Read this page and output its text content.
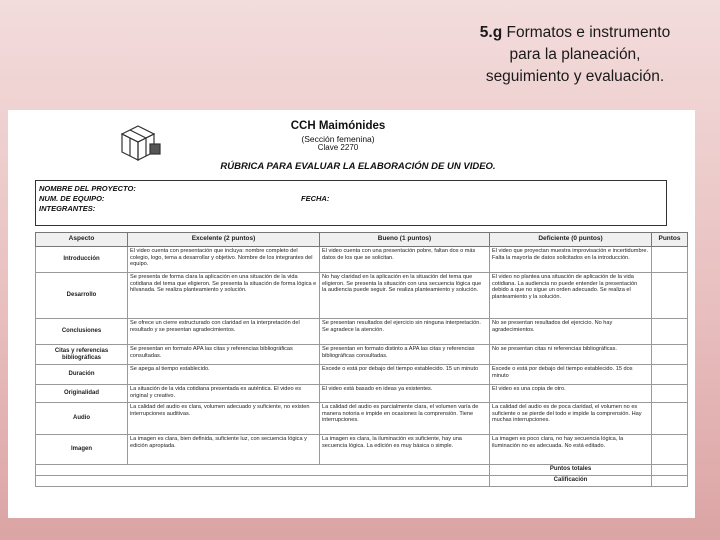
5.g Formatos e instrumento
para la planeación,
seguimiento y evaluación.
CCH Maimónides
(Sección femenina)
Clave 2270
RÚBRICA PARA EVALUAR LA ELABORACIÓN DE UN VIDEO.
NOMBRE DEL PROYECTO:
NUM. DE EQUIPO:	FECHA:
INTEGRANTES:
Aspecto	Excelente (2 puntos)	Bueno (1 puntos)	Deficiente (0 puntos)	Puntos
Introducción	El video cuenta con presentación que incluya: nombre completo del colegio, logo, tema a desarrollar y objetivo. Nombre de los integrantes del equipo.	El video cuenta con una presentación pobre, faltan dos o más datos de los que se solicitan.	El video que proyectan muestra improvisación e incertidumbre. Falta la mayoría de datos solicitados en la introducción.	
Desarrollo	Se presenta de forma clara la aplicación en una situación de la vida cotidiana del tema que eligieron. Se presenta la situación de forma lógica e hilvanada. Se realiza planteamiento y solución.	No hay claridad en la aplicación en la situación del tema que eligieron. Se presenta la situación con una secuencia lógica que la audiencia puede seguir. Se realiza planteamiento y solución.	El video no plantea una situación de aplicación de la vida cotidiana. La audiencia no puede entender la presentación debido a que no sigue un orden adecuado. Se realiza el planteamiento y la solución.	
Conclusiones	Se ofrece un cierre estructurado con claridad en la interpretación del resultado y se presentan agradecimientos.	Se presentan resultados del ejercicio sin ninguna interpretación. Se agradece la atención.	No se presentan resultados del ejercicio. No hay agradecimientos.	
Citas y referencias bibliográficas	Se presentan en formato APA las citas y referencias bibliográficas consultadas.	Se presentan en formato distinto a APA las citas y referencias bibliográficas consultadas.	No se presentan citas ni referencias bibliográficas.	
Duración	Se apega al tiempo establecido.	Excede o está por debajo del tiempo establecido. 15 un minuto	Excede o está por debajo del tiempo establecido. 15 dos minuto	
Originalidad	La situación de la vida cotidiana presentada es auténtica. El video es original y creativo.	El video está basado en ideas ya existentes.	El video es una copia de otro.	
Audio	La calidad del audio es clara, volumen adecuado y suficiente, no existen interrupciones auditivas.	La calidad del audio es parcialmente clara, el volumen varía de manera notoria e impide en ocasiones la comprensión. Tiene interrupciones.	La calidad del audio es de poca claridad, el volumen no es suficiente o se pierde del todo e impide la comprensión. Hay muchas interrupciones.	
Imagen	La imagen es clara, bien definida, suficiente luz, con secuencia lógica y edición apropiada.	La imagen es clara, la iluminación es suficiente, hay una secuencia lógica. La edición es muy básica o simple.	La imagen es poco clara, no hay secuencia lógica, la iluminación no es adecuada. No está editado.	
			Puntos totales	
			Calificación	
